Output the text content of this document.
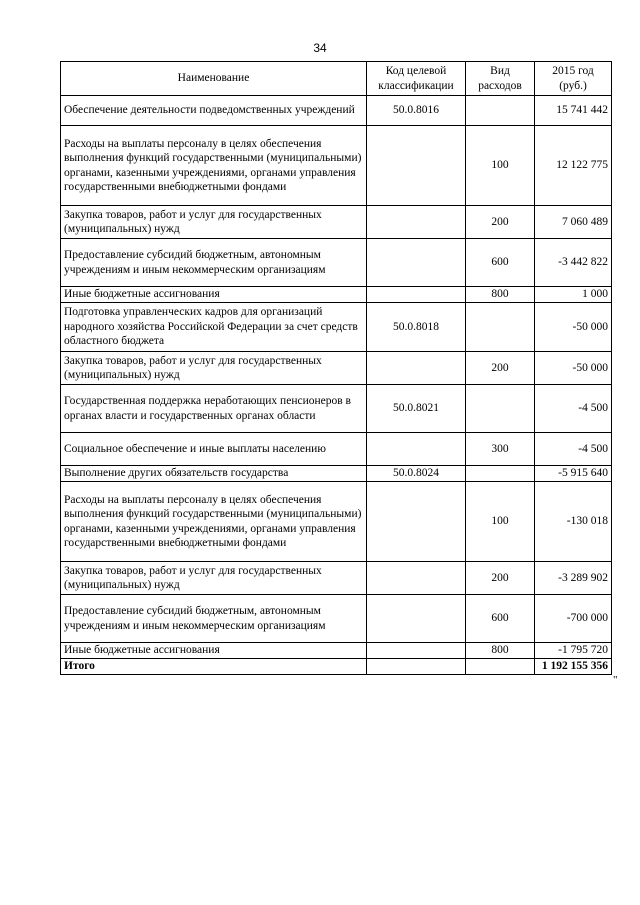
34
Наименование	Код целевой классификации	Вид расходов	2015 год (руб.)
Обеспечение деятельности подведомственных учреждений	50.0.8016		15 741 442
Расходы на выплаты персоналу в целях обеспечения выполнения функций государственными (муниципальными) органами, казенными учреждениями, органами управления государственными внебюджетными фондами		100	12 122 775
Закупка товаров, работ и услуг для государственных (муниципальных) нужд		200	7 060 489
Предоставление субсидий бюджетным, автономным учреждениям и иным некоммерческим организациям		600	-3 442 822
Иные бюджетные ассигнования		800	1 000
Подготовка управленческих кадров для организаций народного хозяйства Российской Федерации за счет средств областного бюджета	50.0.8018		-50 000
Закупка товаров, работ и услуг для государственных (муниципальных) нужд		200	-50 000
Государственная поддержка неработающих пенсионеров в органах власти и государственных органах области	50.0.8021		-4 500
Социальное обеспечение и иные выплаты населению		300	-4 500
Выполнение других обязательств государства	50.0.8024		-5 915 640
Расходы на выплаты персоналу в целях обеспечения выполнения функций государственными (муниципальными) органами, казенными учреждениями, органами управления государственными внебюджетными фондами		100	-130 018
Закупка товаров, работ и услуг для государственных (муниципальных) нужд		200	-3 289 902
Предоставление субсидий бюджетным, автономным учреждениям и иным некоммерческим организациям		600	-700 000
Иные бюджетные ассигнования		800	-1 795 720
Итого			1 192 155 356
"
